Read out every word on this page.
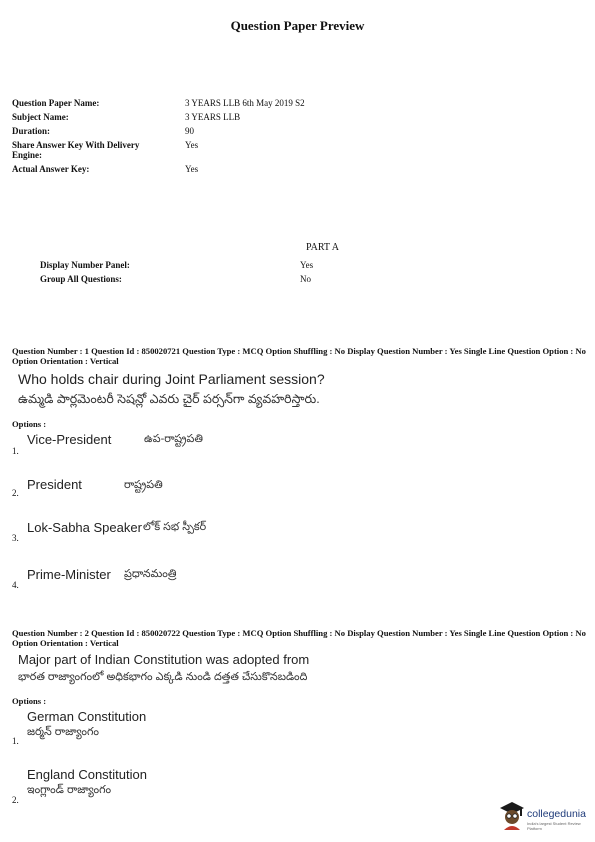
Question Paper Preview
Question Paper Name:	3 YEARS LLB 6th May 2019 S2
Subject Name:	3 YEARS LLB
Duration:	90
Share Answer Key With Delivery Engine:
Yes
Actual Answer Key:	Yes
PART A
Display Number Panel:	Yes
Group All Questions:	No
Question Number : 1 Question Id : 850020721 Question Type : MCQ Option Shuffling : No Display Question Number : Yes Single Line Question Option : No Option Orientation : Vertical
Who holds chair during Joint Parliament session?
ఉమ్మడి పార్లమెంటరీ సెషన్లో ఎవరు చైర్ పర్సన్‌గా వ్యవహరిస్తారు.
Options :
1.
Vice-President	ఉప-రాష్ట్రపతి
2.
President	రాష్ట్రపతి
3.
Lok-Sabha Speaker లోక్ సభ స్పీకర్
4.
Prime-Minister ప్రధానమంత్రి
Question Number : 2 Question Id : 850020722 Question Type : MCQ Option Shuffling : No Display Question Number : Yes Single Line Question Option : No Option Orientation : Vertical
Major part of Indian Constitution was adopted from
భారత రాజ్యాంగంలో అధికభాగం ఎక్కడి నుండి దత్తత చేసుకొనబడింది
Options :
1.
German Constitution
జర్మన్ రాజ్యాంగం
2.
England Constitution
ఇంగ్లాండ్ రాజ్యాంగం
collegedunia
India's largest Student Review Platform
